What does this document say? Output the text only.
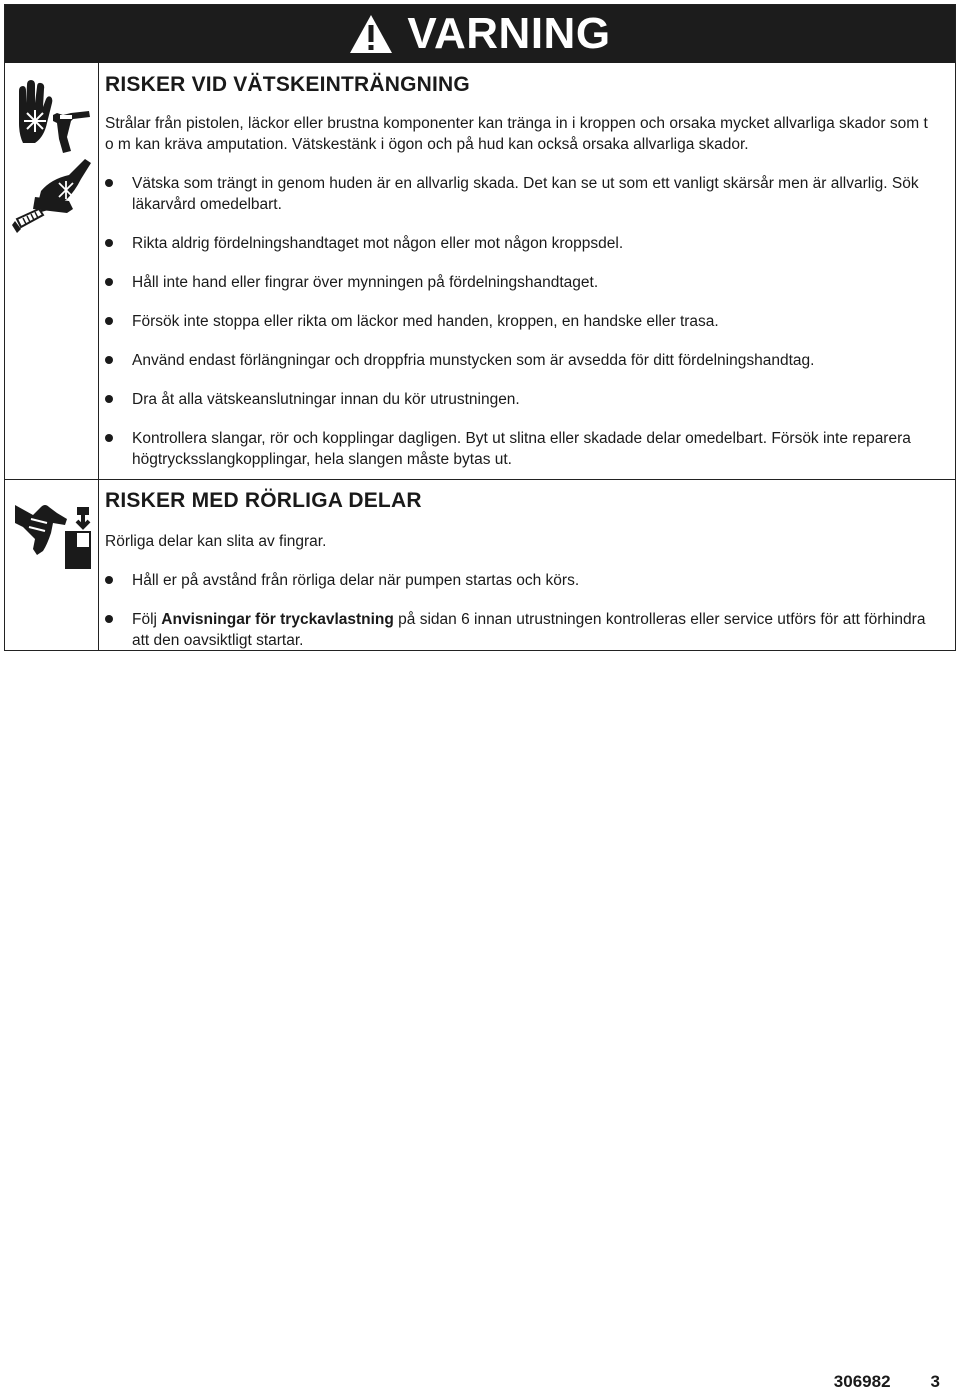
VARNING
RISKER VID VÄTSKEINTRÄNGNING

Strålar från pistolen, läckor eller brustna komponenter kan tränga in i kroppen och orsaka mycket allvarliga skador som t o m kan kräva amputation. Vätskestänk i ögon och på hud kan också orsaka allvarliga skador.

Vätska som trängt in genom huden är en allvarlig skada. Det kan se ut som ett vanligt skärsår men är allvarlig. Sök läkarvård omedelbart.
Rikta aldrig fördelningshandtaget mot någon eller mot någon kroppsdel.
Håll inte hand eller fingrar över mynningen på fördelningshandtaget.
Försök inte stoppa eller rikta om läckor med handen, kroppen, en handske eller trasa.
Använd endast förlängningar och droppfria munstycken som är avsedda för ditt fördelningshandtag.
Dra åt alla vätskeanslutningar innan du kör utrustningen.
Kontrollera slangar, rör och kopplingar dagligen. Byt ut slitna eller skadade delar omedelbart. Försök inte reparera högtrycksslangkopplingar, hela slangen måste bytas ut.
RISKER MED RÖRLIGA DELAR

Rörliga delar kan slita av fingrar.

Håll er på avstånd från rörliga delar när pumpen startas och körs.
Följ Anvisningar för tryckavlastning på sidan 6 innan utrustningen kontrolleras eller service utförs för att förhindra att den oavsiktligt startar.
306982 3
